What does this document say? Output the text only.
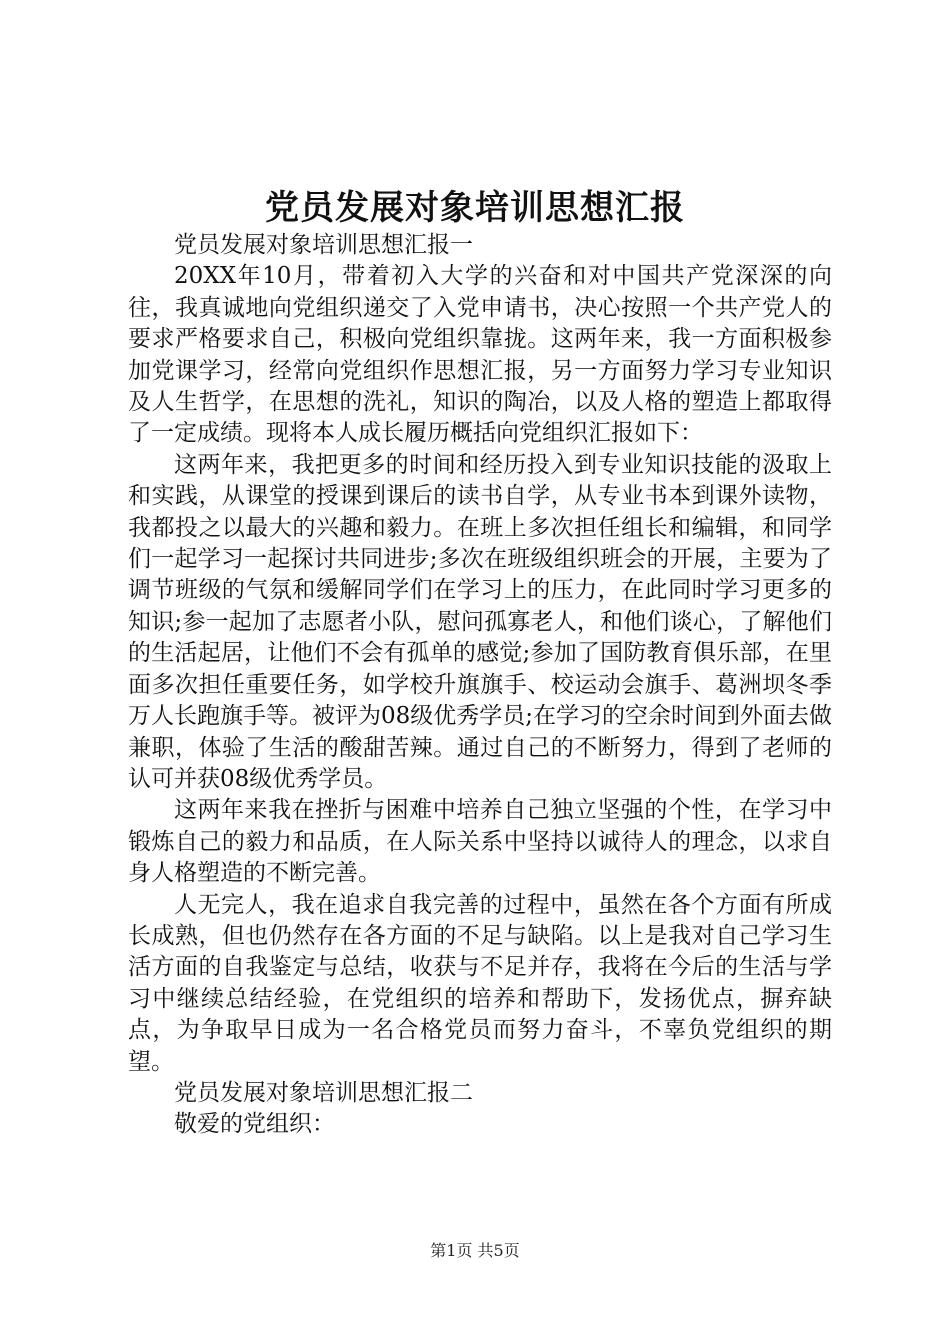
党员发展对象培训思想汇报

党员发展对象培训思想汇报一

20XX年10月，带着初入大学的兴奋和对中国共产党深深的向往，我真诚地向党组织递交了入党申请书，决心按照一个共产党人的要求严格要求自己，积极向党组织靠拢。这两年来，我一方面积极参加党课学习，经常向党组织作思想汇报，另一方面努力学习专业知识及人生哲学，在思想的洗礼，知识的陶冶，以及人格的塑造上都取得了一定成绩。现将本人成长履历概括向党组织汇报如下：

这两年来，我把更多的时间和经历投入到专业知识技能的汲取上和实践，从课堂的授课到课后的读书自学，从专业书本到课外读物，我都投之以最大的兴趣和毅力。在班上多次担任组长和编辑，和同学们一起学习一起探讨共同进步;多次在班级组织班会的开展，主要为了调节班级的气氛和缓解同学们在学习上的压力，在此同时学习更多的知识;参一起加了志愿者小队，慰问孤寡老人，和他们谈心，了解他们的生活起居，让他们不会有孤单的感觉;参加了国防教育俱乐部，在里面多次担任重要任务，如学校升旗旗手、校运动会旗手、葛洲坝冬季万人长跑旗手等。被评为08级优秀学员;在学习的空余时间到外面去做兼职，体验了生活的酸甜苦辣。通过自己的不断努力，得到了老师的认可并获08级优秀学员。

这两年来我在挫折与困难中培养自己独立坚强的个性，在学习中锻炼自己的毅力和品质，在人际关系中坚持以诚待人的理念，以求自身人格塑造的不断完善。

人无完人，我在追求自我完善的过程中，虽然在各个方面有所成长成熟，但也仍然存在各方面的不足与缺陷。以上是我对自己学习生活方面的自我鉴定与总结，收获与不足并存，我将在今后的生活与学习中继续总结经验，在党组织的培养和帮助下，发扬优点，摒弃缺点，为争取早日成为一名合格党员而努力奋斗，不辜负党组织的期望。

党员发展对象培训思想汇报二

敬爱的党组织：

第1页 共5页
